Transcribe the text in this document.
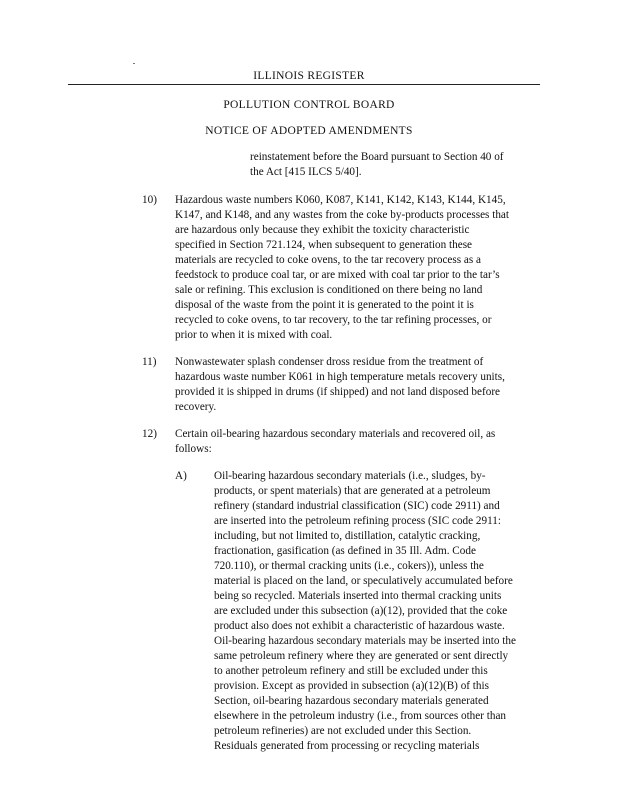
ILLINOIS REGISTER
POLLUTION CONTROL BOARD
NOTICE OF ADOPTED AMENDMENTS

reinstatement before the Board pursuant to Section 40 of

the Act [415 ILCS 5/40].

10) Hazardous waste numbers K060, K087, K141, K142, K143, K144, K145,

K147, and K148, and any wastes from the coke by-products processes that

are hazardous only because they exhibit the toxicity characteristic

specified in Section 721.124, when subsequent to generation these

materials are recycled to coke ovens, to the tar recovery process as a

feedstock to produce coal tar, or are mixed with coal tar prior to the tar’s

sale or refining. This exclusion is conditioned on there being no land

disposal of the waste from the point it is generated to the point it is

recycled to coke ovens, to tar recovery, to the tar refining processes, or

prior to when it is mixed with coal.

11) Nonwastewater splash condenser dross residue from the treatment of

hazardous waste number K061 in high temperature metals recovery units,

provided it is shipped in drums (if shipped) and not land disposed before

recovery.

12) Certain oil-bearing hazardous secondary materials and recovered oil, as

follows:

A) Oil-bearing hazardous secondary materials (i.e., sludges, by-

products, or spent materials) that are generated at a petroleum

refinery (standard industrial classification (SIC) code 2911) and

are inserted into the petroleum refining process (SIC code 2911:

including, but not limited to, distillation, catalytic cracking,

fractionation, gasification (as defined in 35 Ill. Adm. Code

720.110), or thermal cracking units (i.e., cokers)), unless the

material is placed on the land, or speculatively accumulated before

being so recycled. Materials inserted into thermal cracking units

are excluded under this subsection (a)(12), provided that the coke

product also does not exhibit a characteristic of hazardous waste.

Oil-bearing hazardous secondary materials may be inserted into the

same petroleum refinery where they are generated or sent directly

to another petroleum refinery and still be excluded under this

provision. Except as provided in subsection (a)(12)(B) of this

Section, oil-bearing hazardous secondary materials generated

elsewhere in the petroleum industry (i.e., from sources other than

petroleum refineries) are not excluded under this Section.

Residuals generated from processing or recycling materials
